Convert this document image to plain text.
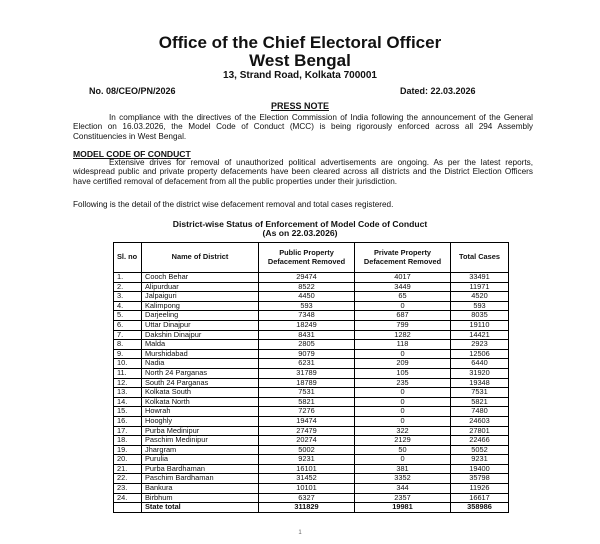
Office of the Chief Electoral Officer
West Bengal
13, Strand Road, Kolkata 700001
No. 08/CEO/PN/2026	Dated: 22.03.2026
PRESS NOTE
In compliance with the directives of the Election Commission of India following the announcement of the General Election on 16.03.2026, the Model Code of Conduct (MCC) is being rigorously enforced across all 294 Assembly Constituencies in West Bengal.
MODEL CODE OF CONDUCT
Extensive drives for removal of unauthorized political advertisements are ongoing. As per the latest reports, widespread public and private property defacements have been cleared across all districts and the District Election Officers have certified removal of defacement from all the public properties under their jurisdiction.
Following is the detail of the district wise defacement removal and total cases registered.
District-wise Status of Enforcement of Model Code of Conduct
(As on 22.03.2026)
Sl. no	Name of District	Public Property Defacement Removed	Private Property Defacement Removed	Total Cases
1.	Cooch Behar	29474	4017	33491
2.	Alipurduar	8522	3449	11971
3.	Jalpaiguri	4450	65	4520
4.	Kalimpong	593	0	593
5.	Darjeeling	7348	687	8035
6.	Uttar Dinajpur	18249	799	19110
7.	Dakshin Dinajpur	8431	1282	14421
8.	Malda	2805	118	2923
9.	Murshidabad	9079	0	12506
10.	Nadia	6231	209	6440
11.	North 24 Parganas	31789	105	31920
12.	South 24 Parganas	18789	235	19348
13.	Kolkata South	7531	0	7531
14.	Kolkata North	5821	0	5821
15.	Howrah	7276	0	7480
16.	Hooghly	19474	0	24603
17.	Purba Medinipur	27479	322	27801
18.	Paschim Medinipur	20274	2129	22466
19.	Jhargram	5002	50	5052
20.	Purulia	9231	0	9231
21.	Purba Bardhaman	16101	381	19400
22.	Paschim Bardhaman	31452	3352	35798
23.	Bankura	10101	344	11926
24.	Birbhum	6327	2357	16617
	State total	311829	19981	358986
1
